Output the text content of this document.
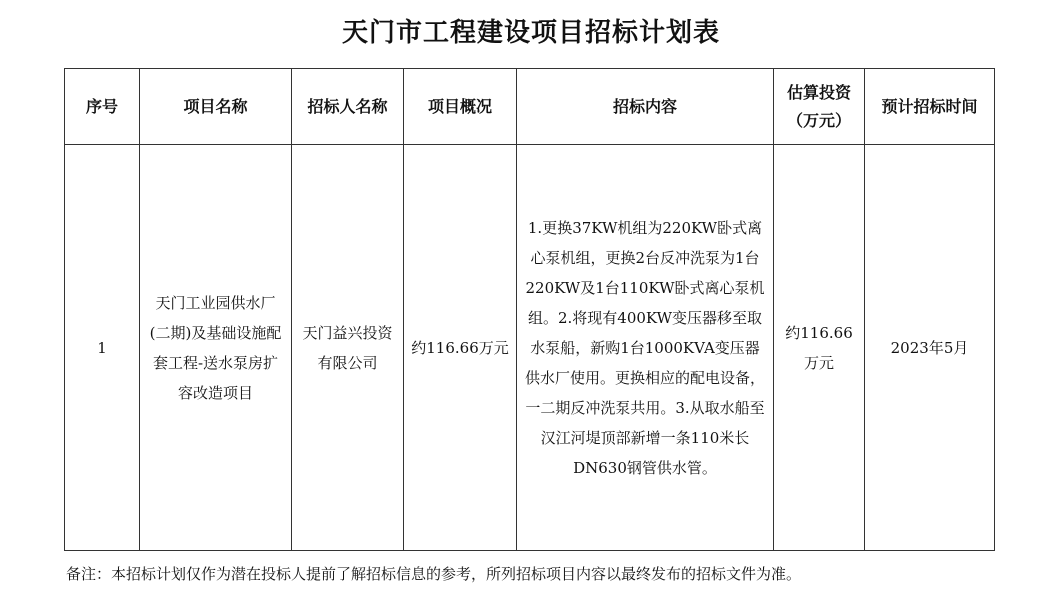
天门市工程建设项目招标计划表
序号	项目名称	招标人名称	项目概况	招标内容	估算投资（万元）	预计招标时间
1	天门工业园供水厂(二期)及基础设施配套工程-送水泵房扩容改造项目	天门益兴投资有限公司	约116.66万元	1.更换37KW机组为220KW卧式离心泵机组，更换2台反冲洗泵为1台220KW及1台110KW卧式离心泵机组。2.将现有400KW变压器移至取水泵船，新购1台1000KVA变压器供水厂使用。更换相应的配电设备，一二期反冲洗泵共用。3.从取水船至汉江河堤顶部新增一条110米长DN630钢管供水管。	约116.66万元	2023年5月
备注：本招标计划仅作为潜在投标人提前了解招标信息的参考，所列招标项目内容以最终发布的招标文件为准。
